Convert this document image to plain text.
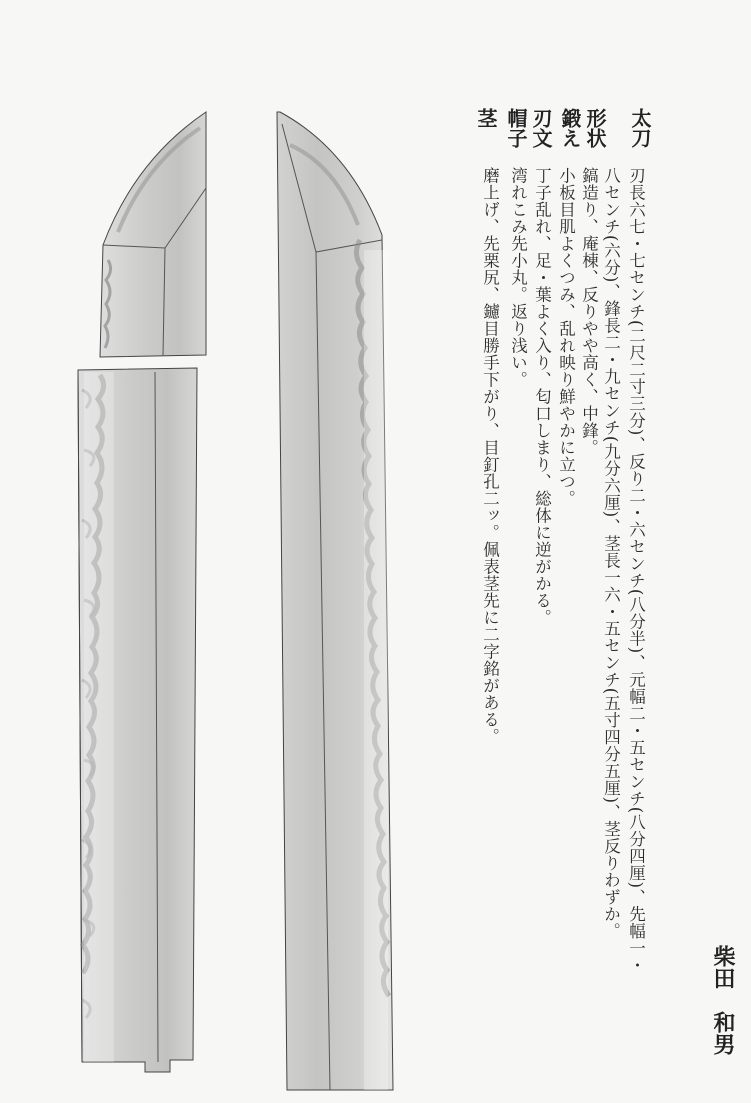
太刀
刃長六七・七センチ(二尺二寸三分)、反り二・六センチ(八分半)、元幅二・五センチ(八分四厘)、先幅一・
八センチ(六分)、鋒長二・九センチ(九分六厘)、茎長一六・五センチ(五寸四分五厘)、茎反りわずか。
形状
鎬造り、庵棟、反りやや高く、中鋒。
鍛え
小板目肌よくつみ、乱れ映り鮮やかに立つ。
刃文
丁子乱れ、足・葉よく入り、匂口しまり、総体に逆がかる。
帽子
湾れこみ先小丸。返り浅い。
茎
磨上げ、先栗尻、鑢目勝手下がり、目釘孔二ッ。佩表茎先に二字銘がある。
柴田　和男
